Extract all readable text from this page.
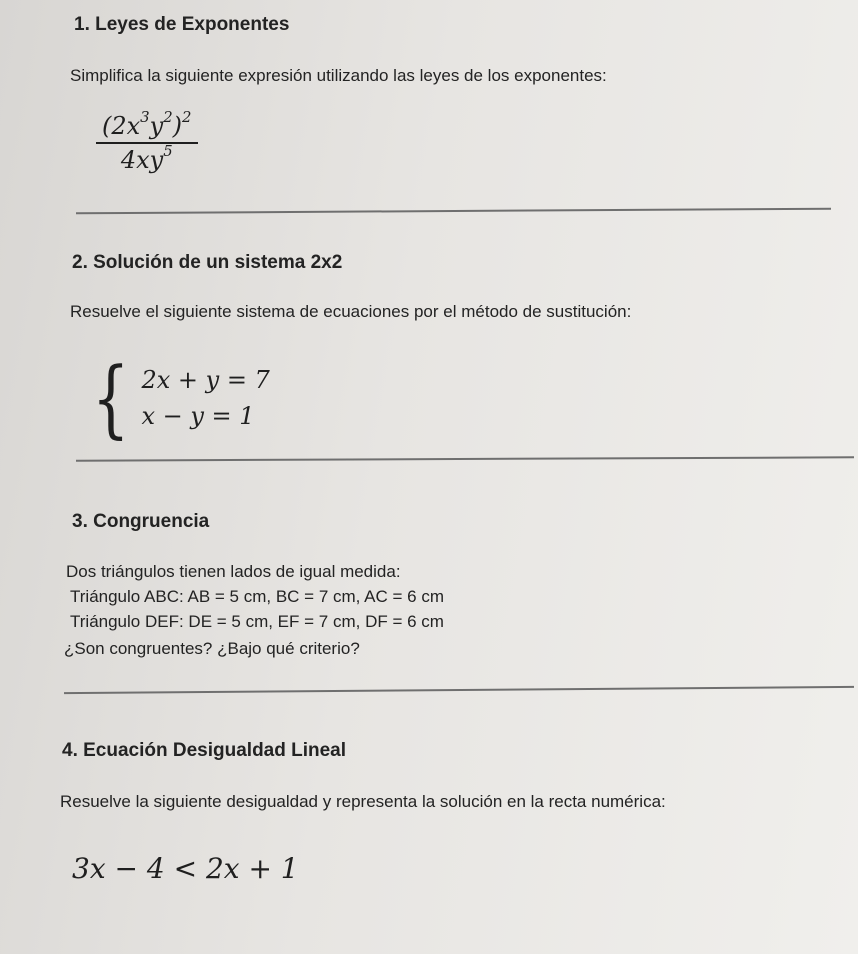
1. Leyes de Exponentes

Simplifica la siguiente expresión utilizando las leyes de los exponentes:

$\frac{(2x^3y^2)^2}{4xy^5}$
2. Solución de un sistema 2x2

Resuelve el siguiente sistema de ecuaciones por el método de sustitución:

{ 2x + y = 7
x − y = 1
3. Congruencia

Dos triángulos tienen lados de igual medida:

Triángulo ABC: AB = 5 cm, BC = 7 cm, AC = 6 cm

Triángulo DEF: DE = 5 cm, EF = 7 cm, DF = 6 cm

¿Son congruentes? ¿Bajo qué criterio?

4. Ecuación Desigualdad Lineal

Resuelve la siguiente desigualdad y representa la solución en la recta numérica:

3x − 4 < 2x + 1
